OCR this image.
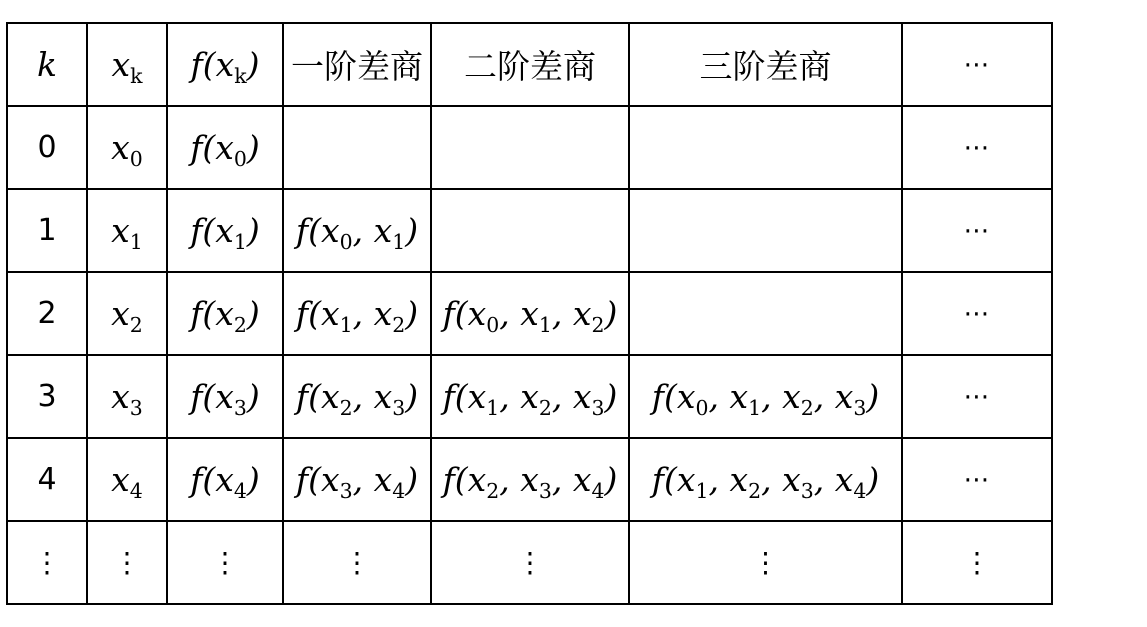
k	$x_k$	$f(x_k)$	一阶差商	二阶差商	三阶差商	⋯
0	$x_0$	$f(x_0)$				⋯
1	$x_1$	$f(x_1)$	$f(x_0$, $x_1$)			⋯
2	$x_2$	$f(x_2)$	$f(x_1$, $x_2$)	$f(x_0$, $x_1$, $x_2$)		⋯
3	$x_3$	$f(x_3)$	$f(x_2$, $x_3$)	$f(x_1$, $x_2$, $x_3$)	$f(x_0$, $x_1$, $x_2$, $x_3$)	⋯
4	$x_4$	$f(x_4)$	$f(x_3$, $x_4$)	$f(x_2$, $x_3$, $x_4$)	$f(x_1$, $x_2$, $x_3$, $x_4$)	⋯
⋮	⋮	⋮	⋮	⋮	⋮	⋮
